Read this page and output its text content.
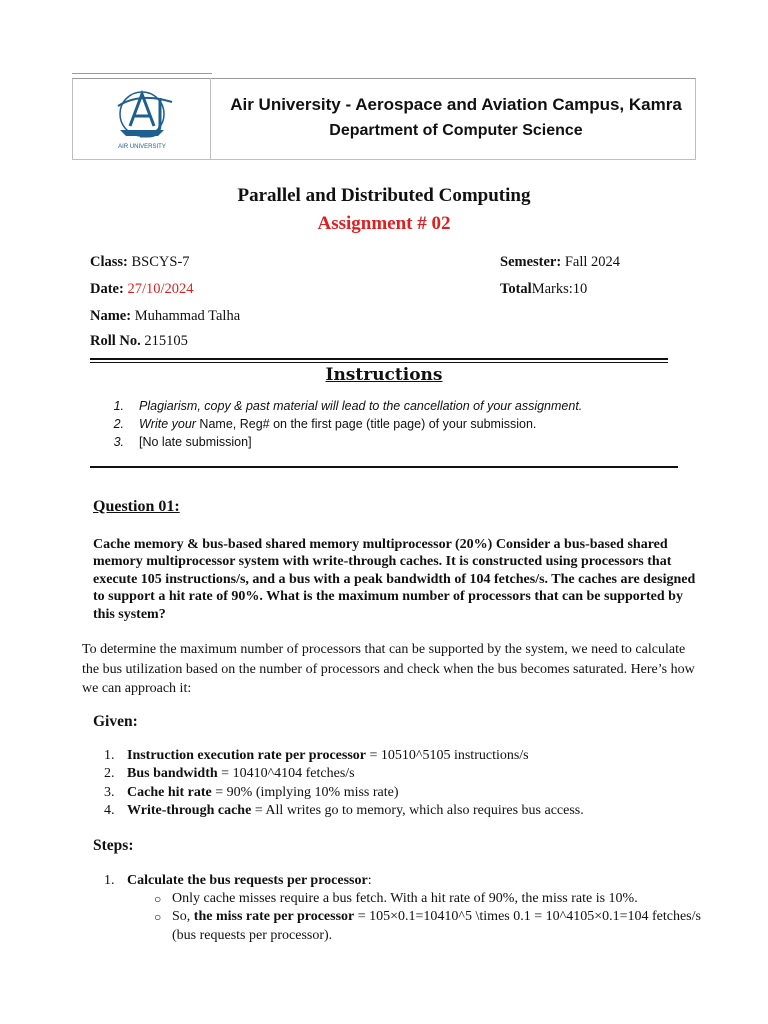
AIR UNIVERSITY
Air University - Aerospace and Aviation Campus, Kamra
Department of Computer Science
Parallel and Distributed Computing
Assignment # 02
Class: BSCYS-7
Date: 27/10/2024
Name: Muhammad Talha
Roll No. 215105
Semester: Fall 2024
TotalMarks:10
Instructions
1. Plagiarism, copy & past material will lead to the cancellation of your assignment.
2. Write your Name, Reg# on the first page (title page) of your submission.
3. [No late submission]
Question 01:
Cache memory & bus-based shared memory multiprocessor (20%) Consider a bus-based shared memory multiprocessor system with write-through caches. It is constructed using processors that execute 105 instructions/s, and a bus with a peak bandwidth of 104 fetches/s. The caches are designed to support a hit rate of 90%. What is the maximum number of processors that can be supported by this system?
To determine the maximum number of processors that can be supported by the system, we need to calculate the bus utilization based on the number of processors and check when the bus becomes saturated. Here’s how we can approach it:
Given:
1. Instruction execution rate per processor = 10510^5105 instructions/s
2. Bus bandwidth = 10410^4104 fetches/s
3. Cache hit rate = 90% (implying 10% miss rate)
4. Write-through cache = All writes go to memory, which also requires bus access.
Steps:
1. Calculate the bus requests per processor:
○ Only cache misses require a bus fetch. With a hit rate of 90%, the miss rate is 10%.
○ So, the miss rate per processor = 105×0.1=10410^5 \times 0.1 = 10^4105×0.1=104 fetches/s (bus requests per processor).
